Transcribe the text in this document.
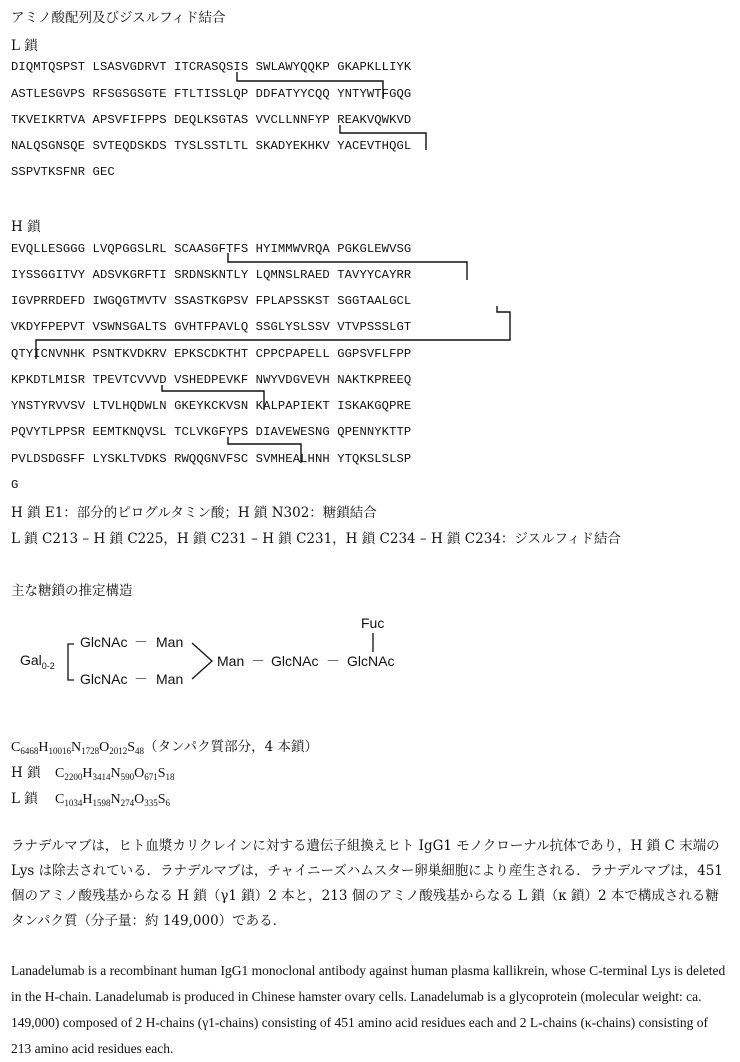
アミノ酸配列及びジスルフィド結合
L 鎖
DIQMTQSPST LSASVGDRVT ITCRASQSIS SWLAWYQQKP GKAPKLLIYK
ASTLESGVPS RFSGSGSGTE FTLTISSLQP DDFATYYCQQ YNTYWTFGQG
TKVEIKRTVA APSVFIFPPS DEQLKSGTAS VVCLLNNFYP REAKVQWKVD
NALQSGNSQE SVTEQDSKDS TYSLSSTLTL SKADYEKHKV YACEVTHQGL
SSPVTKSFNR GEC
H 鎖
EVQLLESGGG LVQPGGSLRL SCAASGFTFS HYIMMWVRQA PGKGLEWVSG
IYSSGGITVY ADSVKGRFTI SRDNSKNTLY LQMNSLRAED TAVYYCAYRR
IGVPRRDEFD IWGQGTMVTV SSASTKGPSV FPLAPSSKST SGGTAALGCL
VKDYFPEPVT VSWNSGALTS GVHTFPAVLQ SSGLYSLSSV VTVPSSSLGT
QTYICNVNHK PSNTKVDKRV EPKSCDKTHT CPPCPAPELL GGPSVFLFPP
KPKDTLMISR TPEVTCVVVD VSHEDPEVKF NWYVDGVEVH NAKTKPREEQ
YNSTYRVVSV LTVLHQDWLN GKEYKCKVSN KALPAPIEKT ISKAKGQPRE
PQVYTLPPSR EEMTKNQVSL TCLVKGFYPS DIAVEWESNG QPENNYKTTP
PVLDSDGSFF LYSKLTVDKS RWQQGNVFSC SVMHEALHNH YTQKSLSLSP
G
H 鎖 E1：部分的ピログルタミン酸；H 鎖 N302：糖鎖結合
L 鎖 C213 – H 鎖 C225，H 鎖 C231 – H 鎖 C231，H 鎖 C234 – H 鎖 C234：ジスルフィド結合
主な糖鎖の推定構造
Gal$_{0-2}$
GlcNAc － Man
GlcNAc － Man
Man － GlcNAc － GlcNAc
Fuc
$C_{6468}H_{10016}N_{1728}O_{2012}S_{48}$（タンパク質部分，4 本鎖）
H 鎖 $C_{2200}H_{3414}N_{590}O_{671}S_{18}$
L 鎖 $C_{1034}H_{1598}N_{274}O_{335}S_6$
ラナデルマブは，ヒト血漿カリクレインに対する遺伝子組換えヒト IgG1 モノクローナル抗体であり，H 鎖 C 末端の Lys は除去されている．ラナデルマブは，チャイニーズハムスター卵巣細胞により産生される．ラナデルマブは，451 個のアミノ酸残基からなる H 鎖（γ1 鎖）2 本と，213 個のアミノ酸残基からなる L 鎖（κ 鎖）2 本で構成される糖タンパク質（分子量：約 149,000）である．
Lanadelumab is a recombinant human IgG1 monoclonal antibody against human plasma kallikrein, whose C-terminal Lys is deleted in the H-chain. Lanadelumab is produced in Chinese hamster ovary cells. Lanadelumab is a glycoprotein (molecular weight: ca. 149,000) composed of 2 H-chains (γ1-chains) consisting of 451 amino acid residues each and 2 L-chains (κ-chains) consisting of 213 amino acid residues each.
